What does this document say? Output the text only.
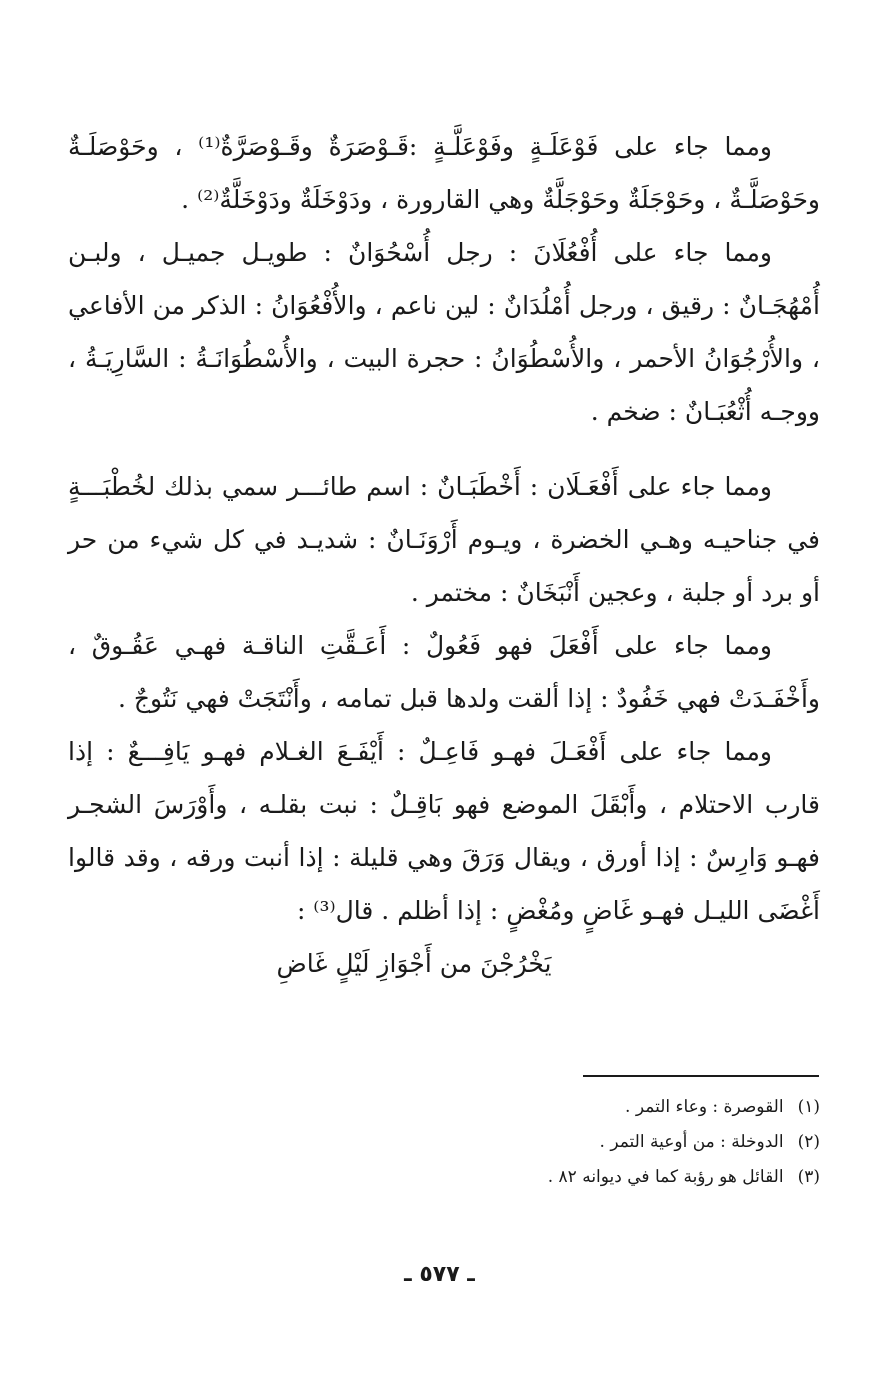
ومما جاء على فَوْعَلَـةٍ وفَوْعَلَّـةٍ :قَـوْصَرَةٌ وقَـوْصَرَّةٌ⁽¹⁾ ، وحَوْصَلَـةٌ وحَوْصَلَّـةٌ ، وحَوْجَلَةٌ وحَوْجَلَّةٌ وهي القارورة ، ودَوْخَلَةٌ ودَوْخَلَّةٌ⁽²⁾ .

ومما جاء على أُفْعُلَانَ : رجل أُسْحُوَانٌ : طويـل جميـل ، ولبـن أُمْهُجَـانٌ : رقيق ، ورجل أُمْلُدَانٌ : لين ناعم ، والأُفْعُوَانُ : الذكر من الأفاعي ، والأُرْجُوَانُ الأحمر ، والأُسْطُوَانُ : حجرة البيت ، والأُسْطُوَانَـةُ : السَّارِيَـةُ ، ووجـه أُثْعُبَـانٌ : ضخم .

ومما جاء على أَفْعَـلَان : أَخْطَبَـانٌ : اسم طائـــر سمي بذلك لخُطْبَـــةٍ في جناحيـه وهـي الخضرة ، ويـوم أَرْوَنَـانٌ : شديـد في كل شيء من حر أو برد أو جلبة ، وعجين أَنْبَخَانٌ : مختمر .

ومما جاء على أَفْعَلَ فهو فَعُولٌ : أَعَـقَّتِ الناقـة فهـي عَقُـوقٌ ، وأَخْفَـدَتْ فهي خَفُودٌ : إذا ألقت ولدها قبل تمامه ، وأَنْتَجَتْ فهي نَتُوجٌ .

ومما جاء على أَفْعَـلَ فهـو فَاعِـلٌ : أَيْفَـعَ الغـلام فهـو يَافِـــعٌ : إذا قارب الاحتلام ، وأَبْقَلَ الموضع فهو بَاقِـلٌ : نبت بقلـه ، وأَوْرَسَ الشجـر فهـو وَارِسٌ : إذا أورق ، ويقال وَرَقَ وهي قليلة : إذا أنبت ورقه ، وقد قالوا أَغْضَى الليـل فهـو غَاضٍ ومُغْضٍ : إذا أظلم . قال⁽³⁾ :

يَخْرُجْنَ من أَجْوَازِ لَيْلٍ غَاضِ

(١)القوصرة : وعاء التمر .

(٢)الدوخلة : من أوعية التمر .

(٣)القائل هو رؤبة كما في ديوانه ٨٢ .

ـ ٥٧٧ ـ
